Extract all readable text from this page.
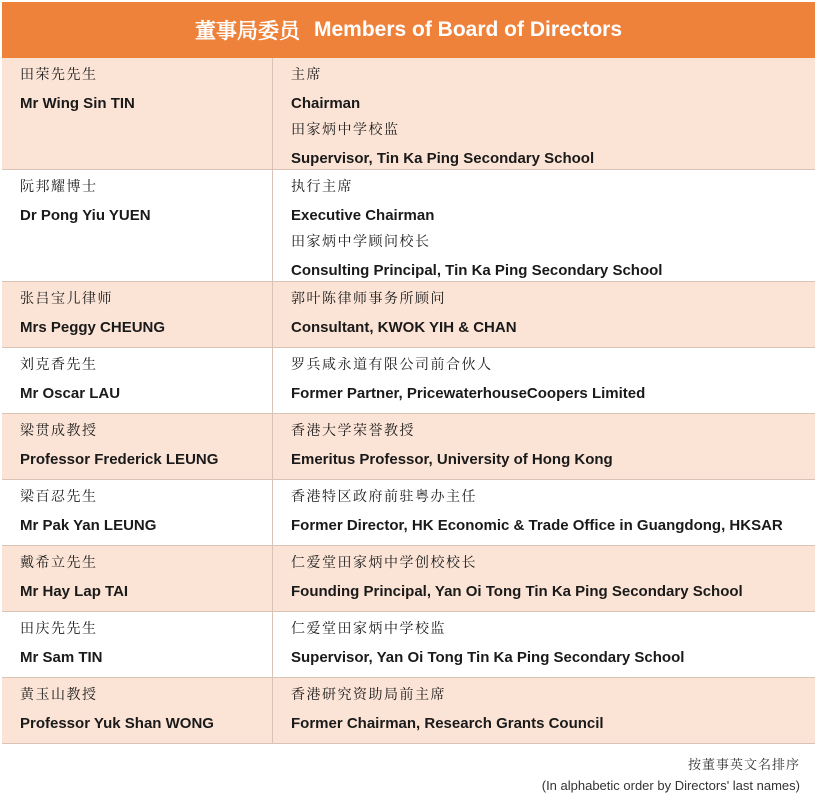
董事局委员 Members of Board of Directors
田荣先先生
Mr Wing Sin TIN
主席
Chairman
田家炳中学校监
Supervisor, Tin Ka Ping Secondary School
阮邦耀博士
Dr Pong Yiu YUEN
执行主席
Executive Chairman
田家炳中学顾问校长
Consulting Principal, Tin Ka Ping Secondary School
张吕宝儿律师
Mrs Peggy CHEUNG
郭叶陈律师事务所顾问
Consultant, KWOK YIH & CHAN
刘克香先生
Mr Oscar LAU
罗兵咸永道有限公司前合伙人
Former Partner, PricewaterhouseCoopers Limited
梁贯成教授
Professor Frederick LEUNG
香港大学荣誉教授
Emeritus Professor, University of Hong Kong
梁百忍先生
Mr Pak Yan LEUNG
香港特区政府前驻粤办主任
Former Director, HK Economic & Trade Office in Guangdong, HKSAR
戴希立先生
Mr Hay Lap TAI
仁爱堂田家炳中学创校校长
Founding Principal, Yan Oi Tong Tin Ka Ping Secondary School
田庆先先生
Mr Sam TIN
仁爱堂田家炳中学校监
Supervisor, Yan Oi Tong Tin Ka Ping Secondary School
黄玉山教授
Professor Yuk Shan WONG
香港研究资助局前主席
Former Chairman, Research Grants Council
按董事英文名排序
(In alphabetic order by Directors' last names)
